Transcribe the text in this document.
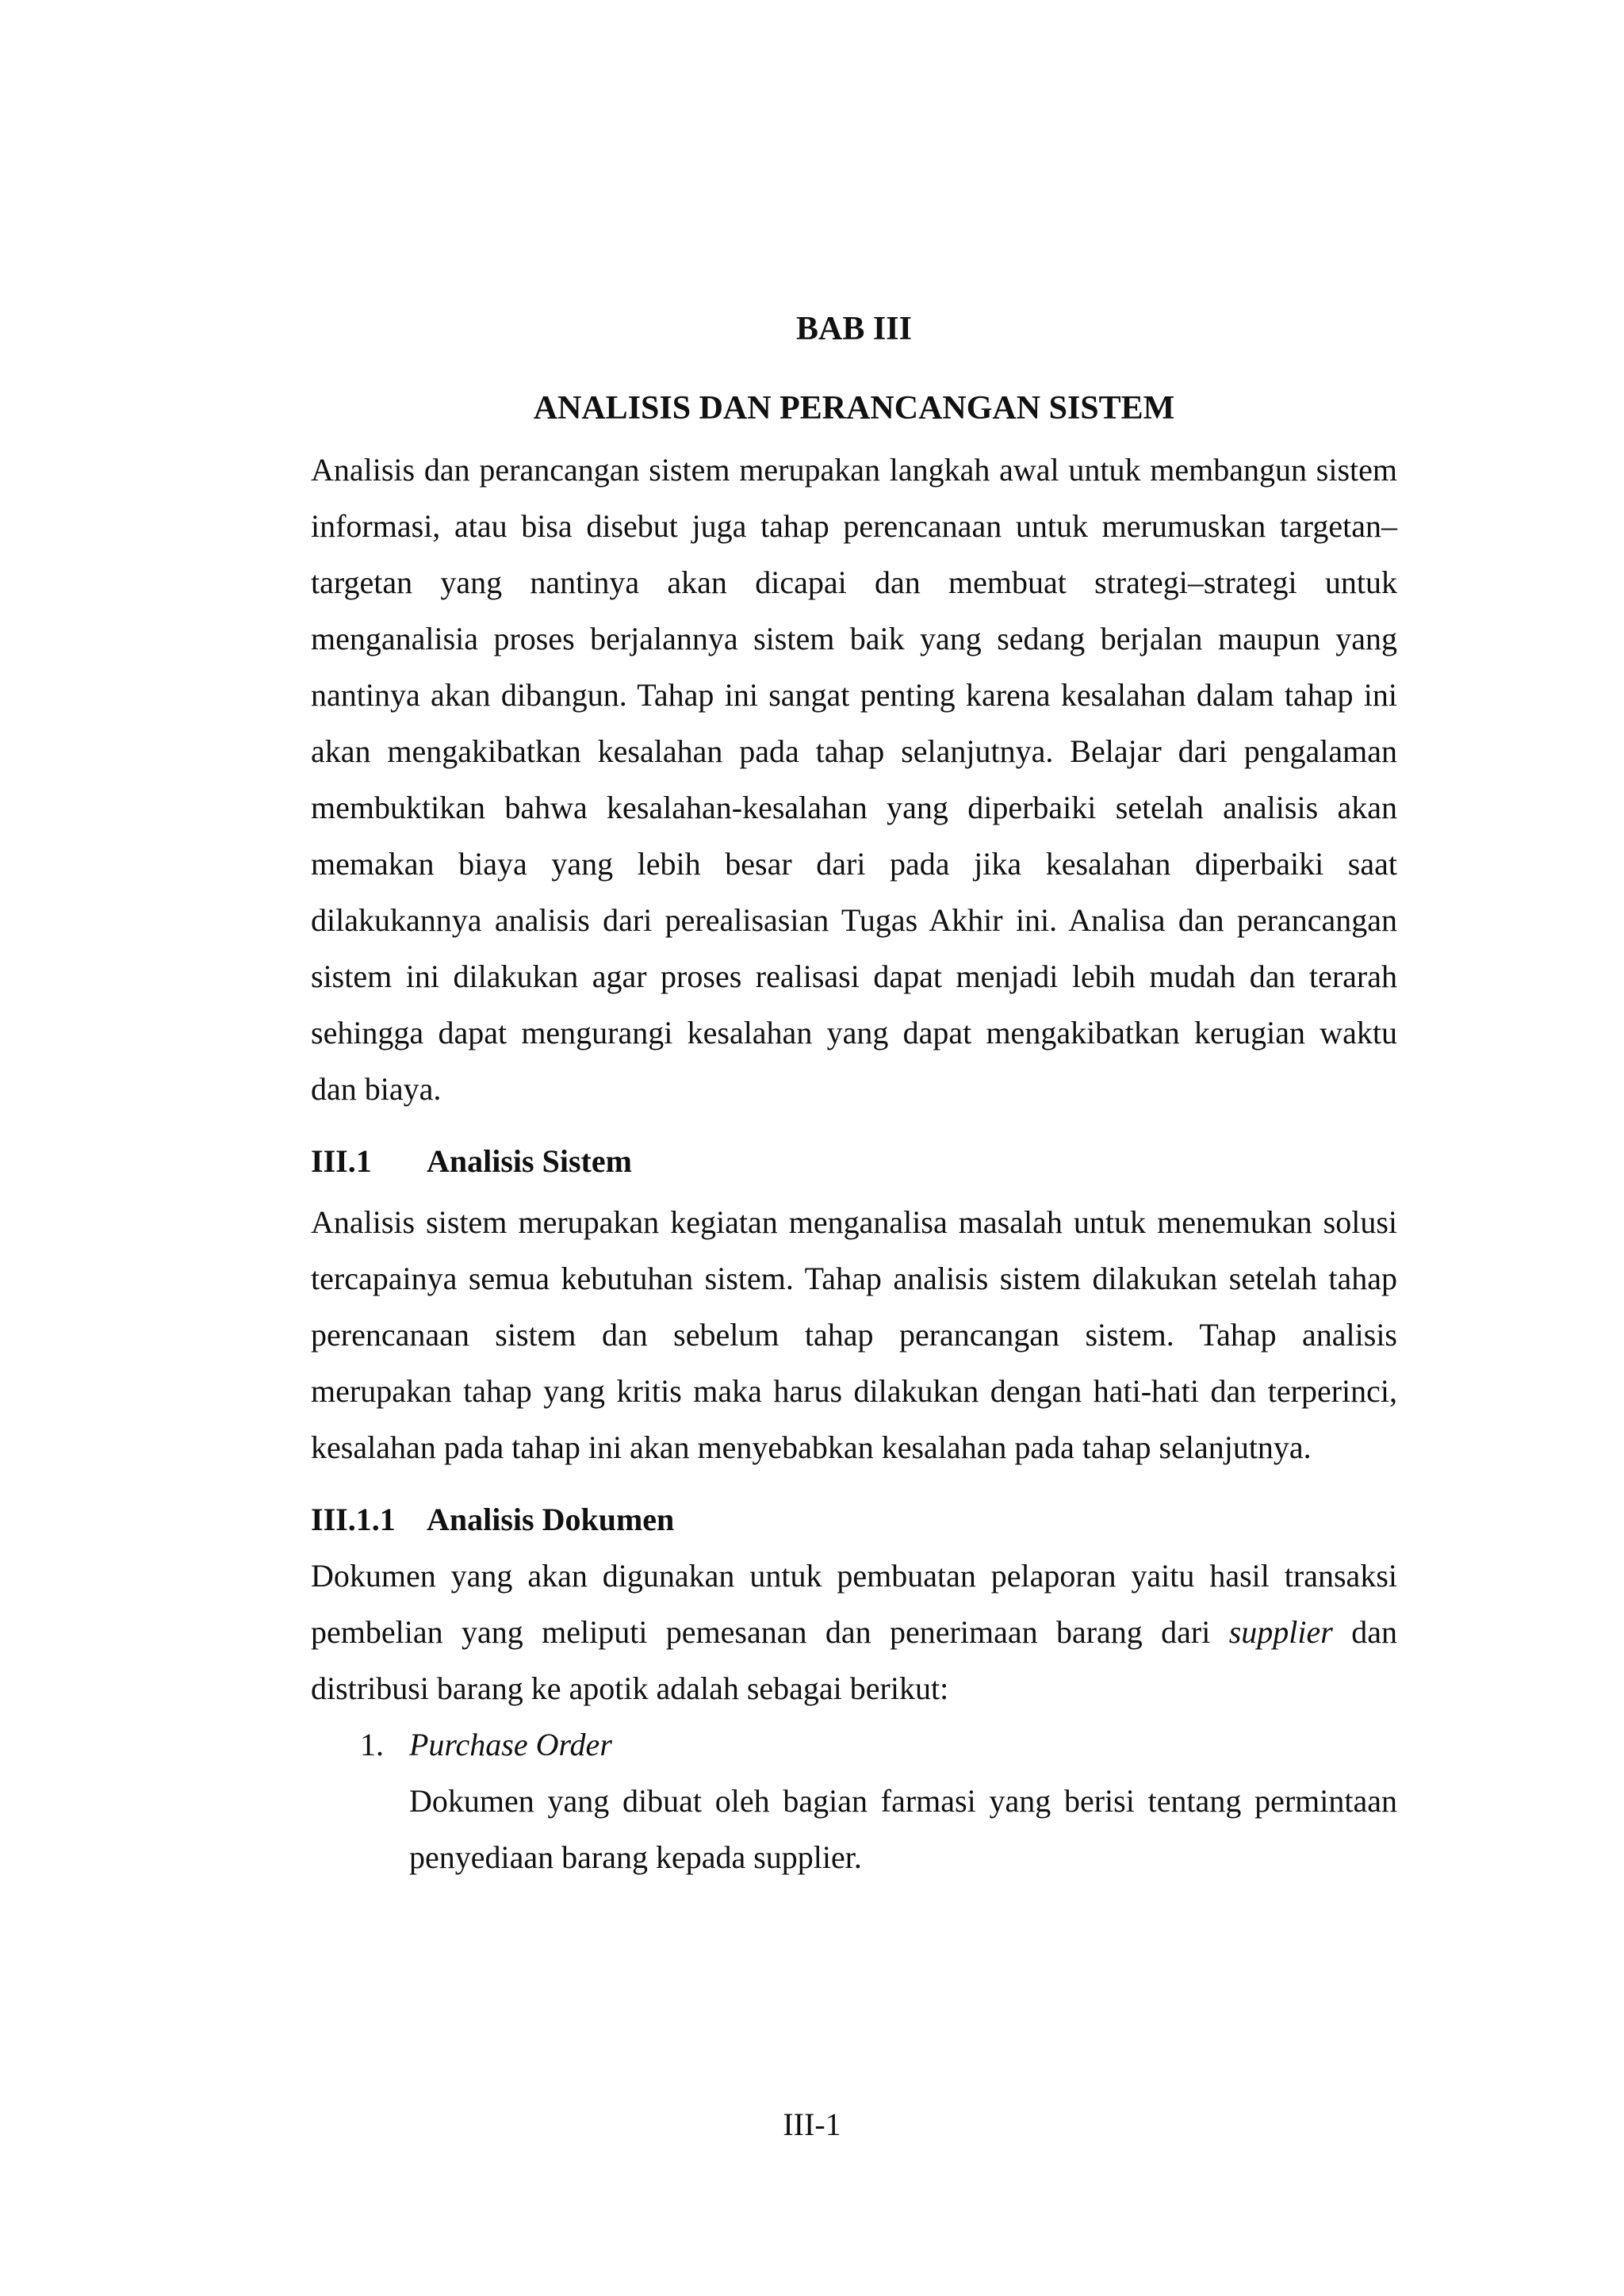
BAB III
ANALISIS DAN PERANCANGAN SISTEM

Analisis dan perancangan sistem merupakan langkah awal untuk membangun sistem informasi, atau bisa disebut juga tahap perencanaan untuk merumuskan targetan–targetan yang nantinya akan dicapai dan membuat strategi–strategi untuk menganalisia proses berjalannya sistem baik yang sedang berjalan maupun yang nantinya akan dibangun. Tahap ini sangat penting karena kesalahan dalam tahap ini akan mengakibatkan kesalahan pada tahap selanjutnya. Belajar dari pengalaman membuktikan bahwa kesalahan-kesalahan yang diperbaiki setelah analisis akan memakan biaya yang lebih besar dari pada jika kesalahan diperbaiki saat dilakukannya analisis dari perealisasian Tugas Akhir ini. Analisa dan perancangan sistem ini dilakukan agar proses realisasi dapat menjadi lebih mudah dan terarah sehingga dapat mengurangi kesalahan yang dapat mengakibatkan kerugian waktu dan biaya.

III.1 Analisis Sistem

Analisis sistem merupakan kegiatan menganalisa masalah untuk menemukan solusi tercapainya semua kebutuhan sistem. Tahap analisis sistem dilakukan setelah tahap perencanaan sistem dan sebelum tahap perancangan sistem. Tahap analisis merupakan tahap yang kritis maka harus dilakukan dengan hati-hati dan terperinci, kesalahan pada tahap ini akan menyebabkan kesalahan pada tahap selanjutnya.

III.1.1 Analisis Dokumen

Dokumen yang akan digunakan untuk pembuatan pelaporan yaitu hasil transaksi pembelian yang meliputi pemesanan dan penerimaan barang dari supplier dan distribusi barang ke apotik adalah sebagai berikut:

1. Purchase Order

Dokumen yang dibuat oleh bagian farmasi yang berisi tentang permintaan penyediaan barang kepada supplier.

III-1
